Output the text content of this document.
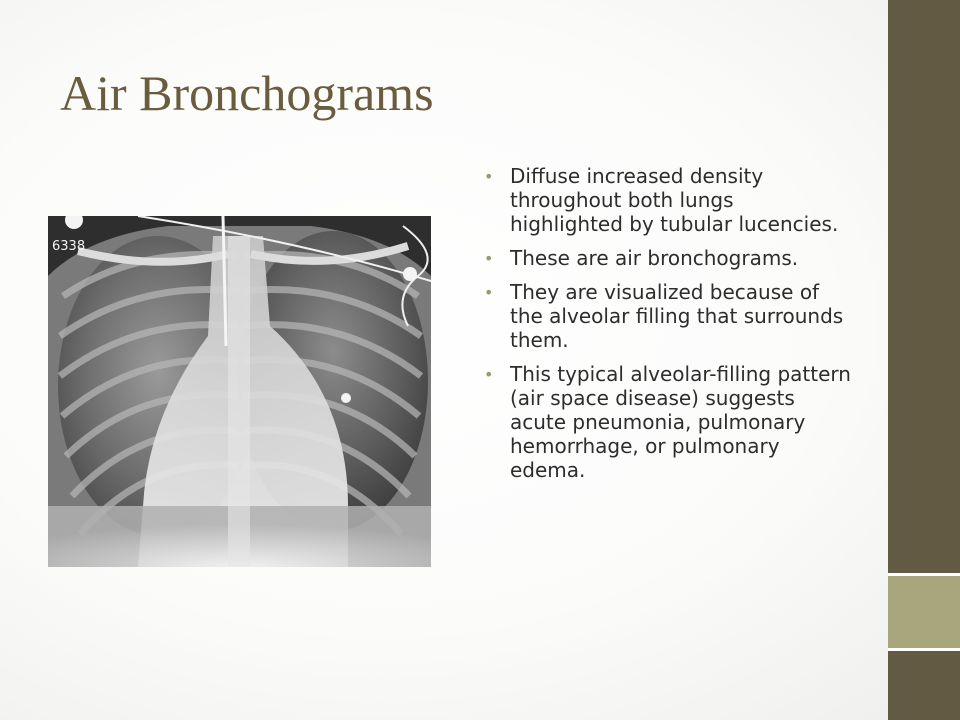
Air Bronchograms
6338
• Diffuse increased density throughout both lungs highlighted by tubular lucencies.
• These are air bronchograms.
• They are visualized because of the alveolar filling that surrounds them.
• This typical alveolar-filling pattern (air space disease) suggests acute pneumonia, pulmonary hemorrhage, or pulmonary edema.
